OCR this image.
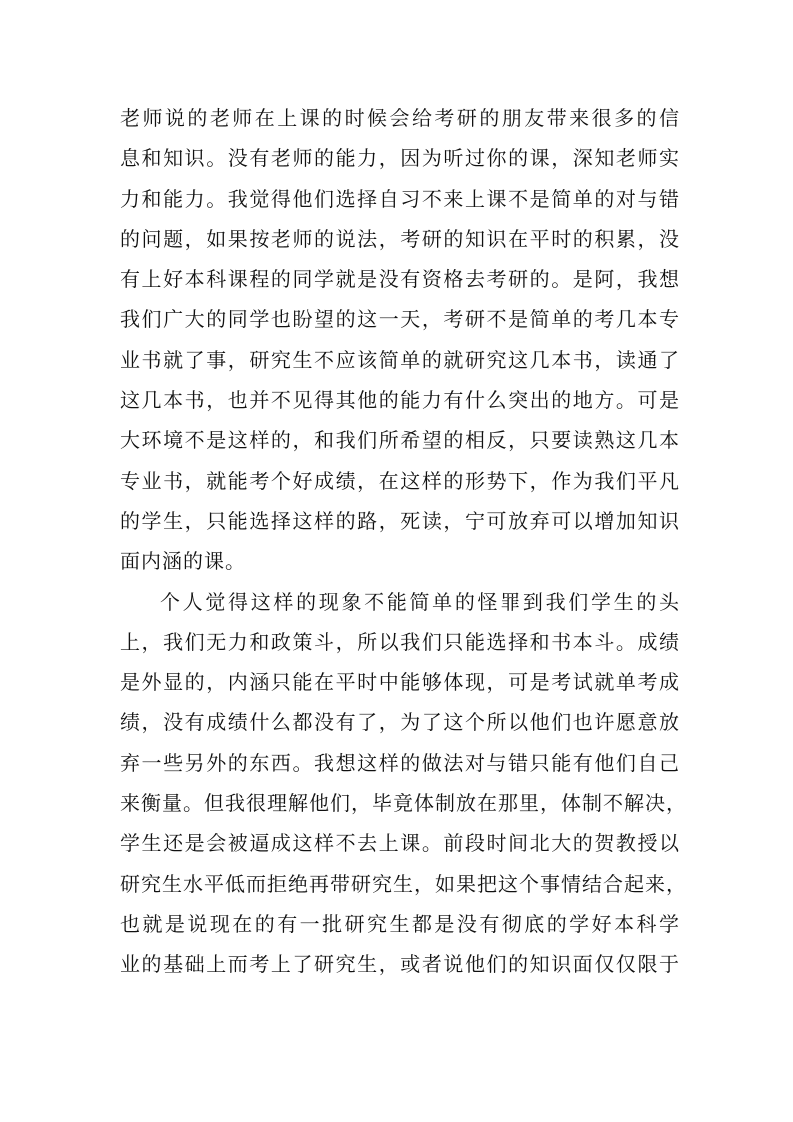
老师说的老师在上课的时候会给考研的朋友带来很多的信
息和知识。没有老师的能力，因为听过你的课，深知老师实
力和能力。我觉得他们选择自习不来上课不是简单的对与错
的问题，如果按老师的说法，考研的知识在平时的积累，没
有上好本科课程的同学就是没有资格去考研的。是阿，我想
我们广大的同学也盼望的这一天，考研不是简单的考几本专
业书就了事，研究生不应该简单的就研究这几本书，读通了
这几本书，也并不见得其他的能力有什么突出的地方。可是
大环境不是这样的，和我们所希望的相反，只要读熟这几本
专业书，就能考个好成绩，在这样的形势下，作为我们平凡
的学生，只能选择这样的路，死读，宁可放弃可以增加知识
面内涵的课。
个人觉得这样的现象不能简单的怪罪到我们学生的头
上，我们无力和政策斗，所以我们只能选择和书本斗。成绩
是外显的，内涵只能在平时中能够体现，可是考试就单考成
绩，没有成绩什么都没有了，为了这个所以他们也许愿意放
弃一些另外的东西。我想这样的做法对与错只能有他们自己
来衡量。但我很理解他们，毕竟体制放在那里，体制不解决，
学生还是会被逼成这样不去上课。前段时间北大的贺教授以
研究生水平低而拒绝再带研究生，如果把这个事情结合起来，
也就是说现在的有一批研究生都是没有彻底的学好本科学
业的基础上而考上了研究生，或者说他们的知识面仅仅限于
